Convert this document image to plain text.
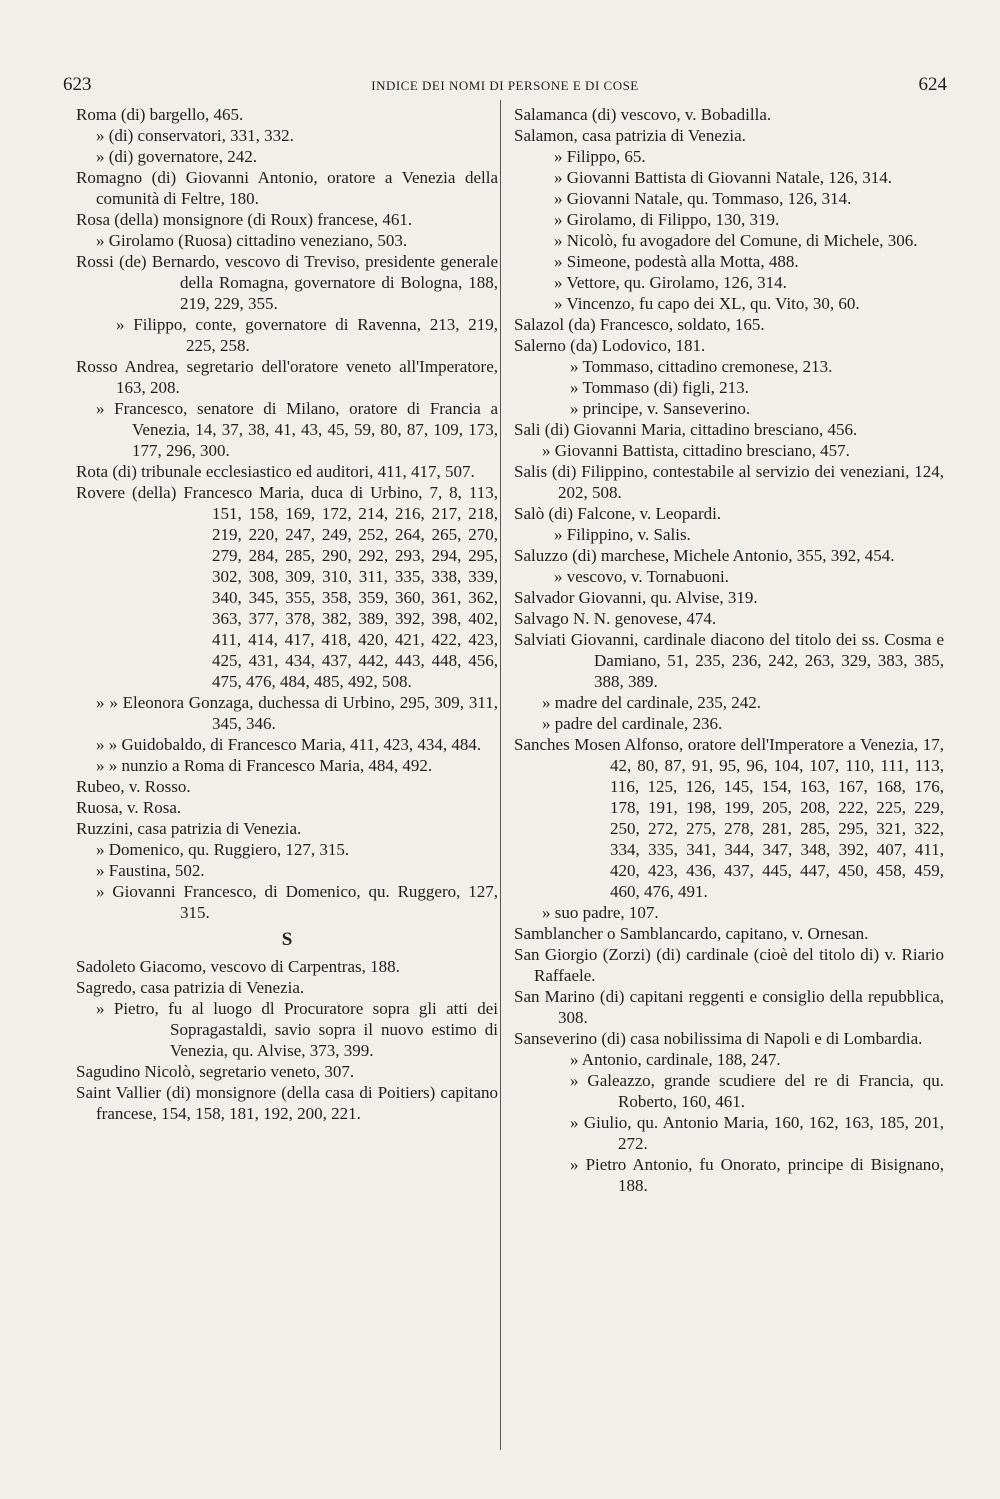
623	INDICE DEI NOMI DI PERSONE E DI COSE	624
Roma (di) bargello, 465.
» (di) conservatori, 331, 332.
» (di) governatore, 242.
Romagno (di) Giovanni Antonio, oratore a Venezia della comunità di Feltre, 180.
Rosa (della) monsignore (di Roux) francese, 461.
» Girolamo (Ruosa) cittadino veneziano, 503.
Rossi (de) Bernardo, vescovo di Treviso, presidente generale della Romagna, governatore di Bologna, 188, 219, 229, 355.
» Filippo, conte, governatore di Ravenna, 213, 219, 225, 258.
Rosso Andrea, segretario dell'oratore veneto all'Imperatore, 163, 208.
» Francesco, senatore di Milano, oratore di Francia a Venezia, 14, 37, 38, 41, 43, 45, 59, 80, 87, 109, 173, 177, 296, 300.
Rota (di) tribunale ecclesiastico ed auditori, 411, 417, 507.
Rovere (della) Francesco Maria, duca di Urbino, 7, 8, 113, 151, 158, 169, 172, 214, 216, 217, 218, 219, 220, 247, 249, 252, 264, 265, 270, 279, 284, 285, 290, 292, 293, 294, 295, 302, 308, 309, 310, 311, 335, 338, 339, 340, 345, 355, 358, 359, 360, 361, 362, 363, 377, 378, 382, 389, 392, 398, 402, 411, 414, 417, 418, 420, 421, 422, 423, 425, 431, 434, 437, 442, 443, 448, 456, 475, 476, 484, 485, 492, 508.
» » Eleonora Gonzaga, duchessa di Urbino, 295, 309, 311, 345, 346.
» » Guidobaldo, di Francesco Maria, 411, 423, 434, 484.
» » nunzio a Roma di Francesco Maria, 484, 492.
Rubeo, v. Rosso.
Ruosa, v. Rosa.
Ruzzini, casa patrizia di Venezia.
» Domenico, qu. Ruggiero, 127, 315.
» Faustina, 502.
» Giovanni Francesco, di Domenico, qu. Ruggero, 127, 315.
S
Sadoleto Giacomo, vescovo di Carpentras, 188.
Sagredo, casa patrizia di Venezia.
» Pietro, fu al luogo dl Procuratore sopra gli atti dei Sopragastaldi, savio sopra il nuovo estimo di Venezia, qu. Alvise, 373, 399.
Sagudino Nicolò, segretario veneto, 307.
Saint Vallier (di) monsignore (della casa di Poitiers) capitano francese, 154, 158, 181, 192, 200, 221.
Salamanca (di) vescovo, v. Bobadilla.
Salamon, casa patrizia di Venezia.
» Filippo, 65.
» Giovanni Battista di Giovanni Natale, 126, 314.
» Giovanni Natale, qu. Tommaso, 126, 314.
» Girolamo, di Filippo, 130, 319.
» Nicolò, fu avogadore del Comune, di Michele, 306.
» Simeone, podestà alla Motta, 488.
» Vettore, qu. Girolamo, 126, 314.
» Vincenzo, fu capo dei XL, qu. Vito, 30, 60.
Salazol (da) Francesco, soldato, 165.
Salerno (da) Lodovico, 181.
» Tommaso, cittadino cremonese, 213.
» Tommaso (di) figli, 213.
» principe, v. Sanseverino.
Sali (di) Giovanni Maria, cittadino bresciano, 456.
» Giovanni Battista, cittadino bresciano, 457.
Salis (di) Filippino, contestabile al servizio dei veneziani, 124, 202, 508.
Salò (di) Falcone, v. Leopardi.
» Filippino, v. Salis.
Saluzzo (di) marchese, Michele Antonio, 355, 392, 454.
» vescovo, v. Tornabuoni.
Salvador Giovanni, qu. Alvise, 319.
Salvago N. N. genovese, 474.
Salviati Giovanni, cardinale diacono del titolo dei ss. Cosma e Damiano, 51, 235, 236, 242, 263, 329, 383, 385, 388, 389.
» madre del cardinale, 235, 242.
» padre del cardinale, 236.
Sanches Mosen Alfonso, oratore dell'Imperatore a Venezia, 17, 42, 80, 87, 91, 95, 96, 104, 107, 110, 111, 113, 116, 125, 126, 145, 154, 163, 167, 168, 176, 178, 191, 198, 199, 205, 208, 222, 225, 229, 250, 272, 275, 278, 281, 285, 295, 321, 322, 334, 335, 341, 344, 347, 348, 392, 407, 411, 420, 423, 436, 437, 445, 447, 450, 458, 459, 460, 476, 491.
» suo padre, 107.
Samblancher o Samblancardo, capitano, v. Ornesan.
San Giorgio (Zorzi) (di) cardinale (cioè del titolo di) v. Riario Raffaele.
San Marino (di) capitani reggenti e consiglio della repubblica, 308.
Sanseverino (di) casa nobilissima di Napoli e di Lombardia.
» Antonio, cardinale, 188, 247.
» Galeazzo, grande scudiere del re di Francia, qu. Roberto, 160, 461.
» Giulio, qu. Antonio Maria, 160, 162, 163, 185, 201, 272.
» Pietro Antonio, fu Onorato, principe di Bisignano, 188.
